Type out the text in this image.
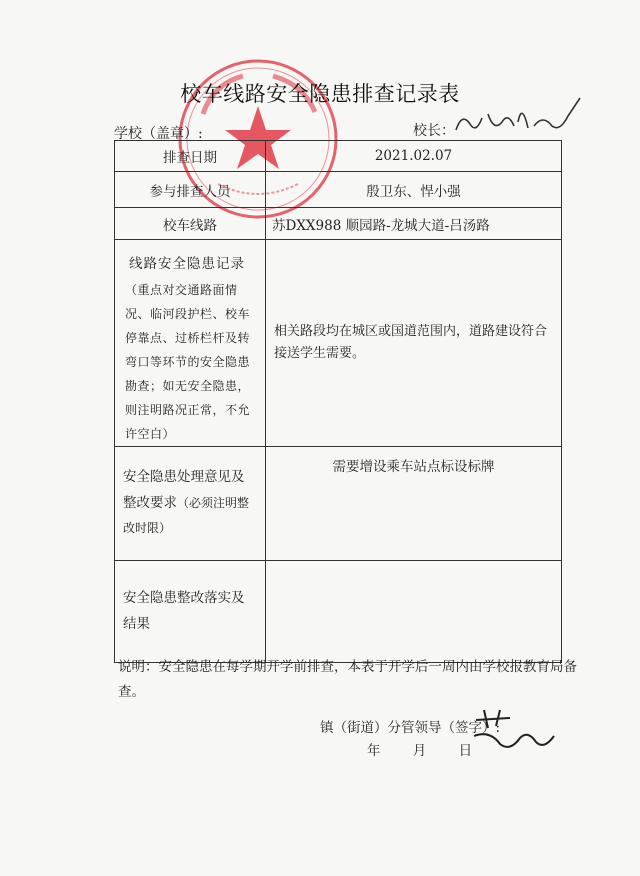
校车线路安全隐患排查记录表
学校（盖章）:	校长：
排查日期	2021.02.07
参与排查人员	殷卫东、悍小强
校车线路	苏DXX988 顺园路-龙城大道-吕汤路

线路安全隐患记录
（重点对交通路面情况、临河段护栏、校车停靠点、过桥栏杆及转弯口等环节的安全隐患勘查；如无安全隐患，则注明路况正常，不允许空白）	相关路段均在城区或国道范围内，道路建设符合接送学生需要。

安全隐患处理意见及整改要求（必须注明整改时限）	需要增设乘车站点标设标牌

安全隐患整改落实及结果	

说明：安全隐患在每学期开学前排查，本表于开学后一周内由学校报教育局备查。
镇（街道）分管领导（签字）:
年 月 日
